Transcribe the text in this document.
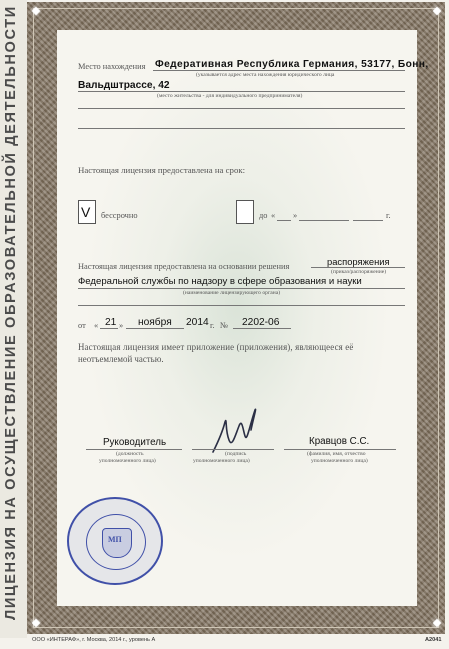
ЛИЦЕНЗИЯ НА ОСУЩЕСТВЛЕНИЕ ОБРАЗОВАТЕЛЬНОЙ ДЕЯТЕЛЬНОСТИ	Место нахождения Федеративная Республика Германия, 53177, Бонн,
(указывается адрес места нахождения юридического лица
Вальдштрассе, 42
(место жительства - для индивидуального предпринимателя)
Настоящая лицензия предоставлена на срок:
V бессрочно	до « »	г.
Настоящая лицензия предоставлена на основании решения	распоряжения
(приказ/распоряжение)
Федеральной службы по надзору в сфере образования и науки
(наименование лицензирующего органа)
от « 21 » ноября 2014 г. № 2202-06
Настоящая лицензия имеет приложение (приложения), являющееся её
неотъемлемой частью.
Руководитель
(должность
уполномоченного лица)
(подпись
уполномоченного лица)
Кравцов С.С.
(фамилия, имя, отчество
уполномоченного лица)
МП
ООО «ИНТЕРАФ», г. Москва, 2014 г., уровень А	А2041
